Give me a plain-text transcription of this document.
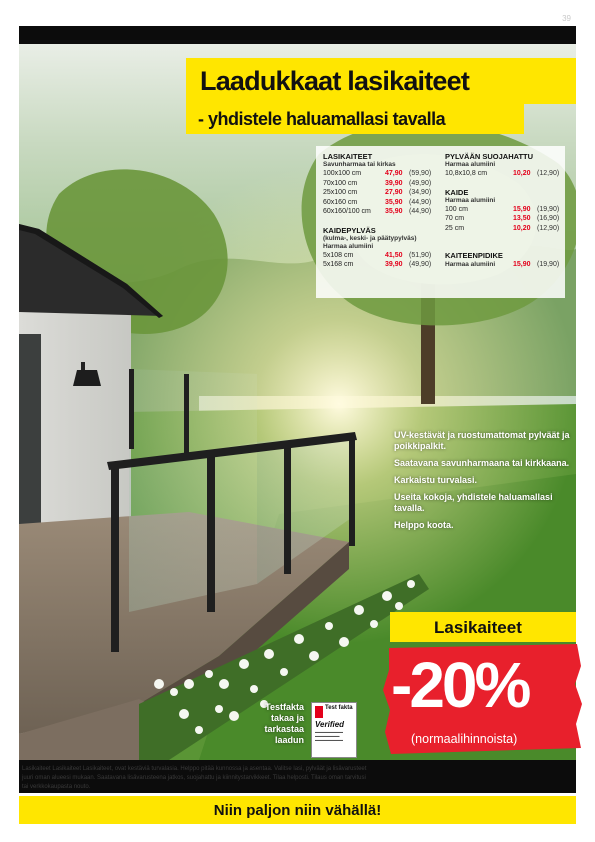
39
Laadukkaat lasikaiteet
- yhdistele haluamallasi tavalla
LASIKAITEET
Savunharmaa tai kirkas
100x100 cm	47,90 (59,90)
70x100 cm	39,90 (49,90)
25x100 cm	27,90 (34,90)
60x160 cm	35,90 (44,90)
60x160/100 cm 35,90 (44,90)
KAIDEPYLVÄS
(kulma-, keski- ja päätypylväs)
Harmaa alumiini
5x108 cm	41,50 (51,90)
5x168 cm	39,90 (49,90)
PYLVÄÄN SUOJAHATTU
Harmaa alumiini
10,8x10,8 cm	10,20 (12,90)
KAIDE
Harmaa alumiini
100 cm	15,90 (19,90)
70 cm	13,50 (16,90)
25 cm	10,20 (12,90)
KAITEENPIDIKE
Harmaa alumiini	15,90 (19,90)
UV-kestävät ja ruostumattomat pylväät ja poikkipalkit.
Saatavana savunharmaana tai kirkkaana.
Karkaistu turvalasi.
Useita kokoja, yhdistele haluamallasi tavalla.
Helppo koota.
Lasikaiteet
-20%
(normaalihinnoista)
Testfakta takaa ja tarkastaa laadun
Test fakta
Verified
▬▬▬▬▬▬▬▬
▬▬▬▬▬▬▬
▬▬▬▬▬▬▬▬
Lasikaiteet Lasikaiteet Lasikaiteet, ovat kestäviä turvalasia. Helppo pitää kunnossa ja asentaa. Valitse lasi, pylväät ja lisävarusteet
juuri oman alueesi mukaan. Saatavana lisävarusteena jatkos, suojahattu ja kiinnitystarvikkeet. Tilaa helposti. Tilaus oman tarvitusi
tai verkkokaupasta nouto.
Niin paljon niin vähällä!
